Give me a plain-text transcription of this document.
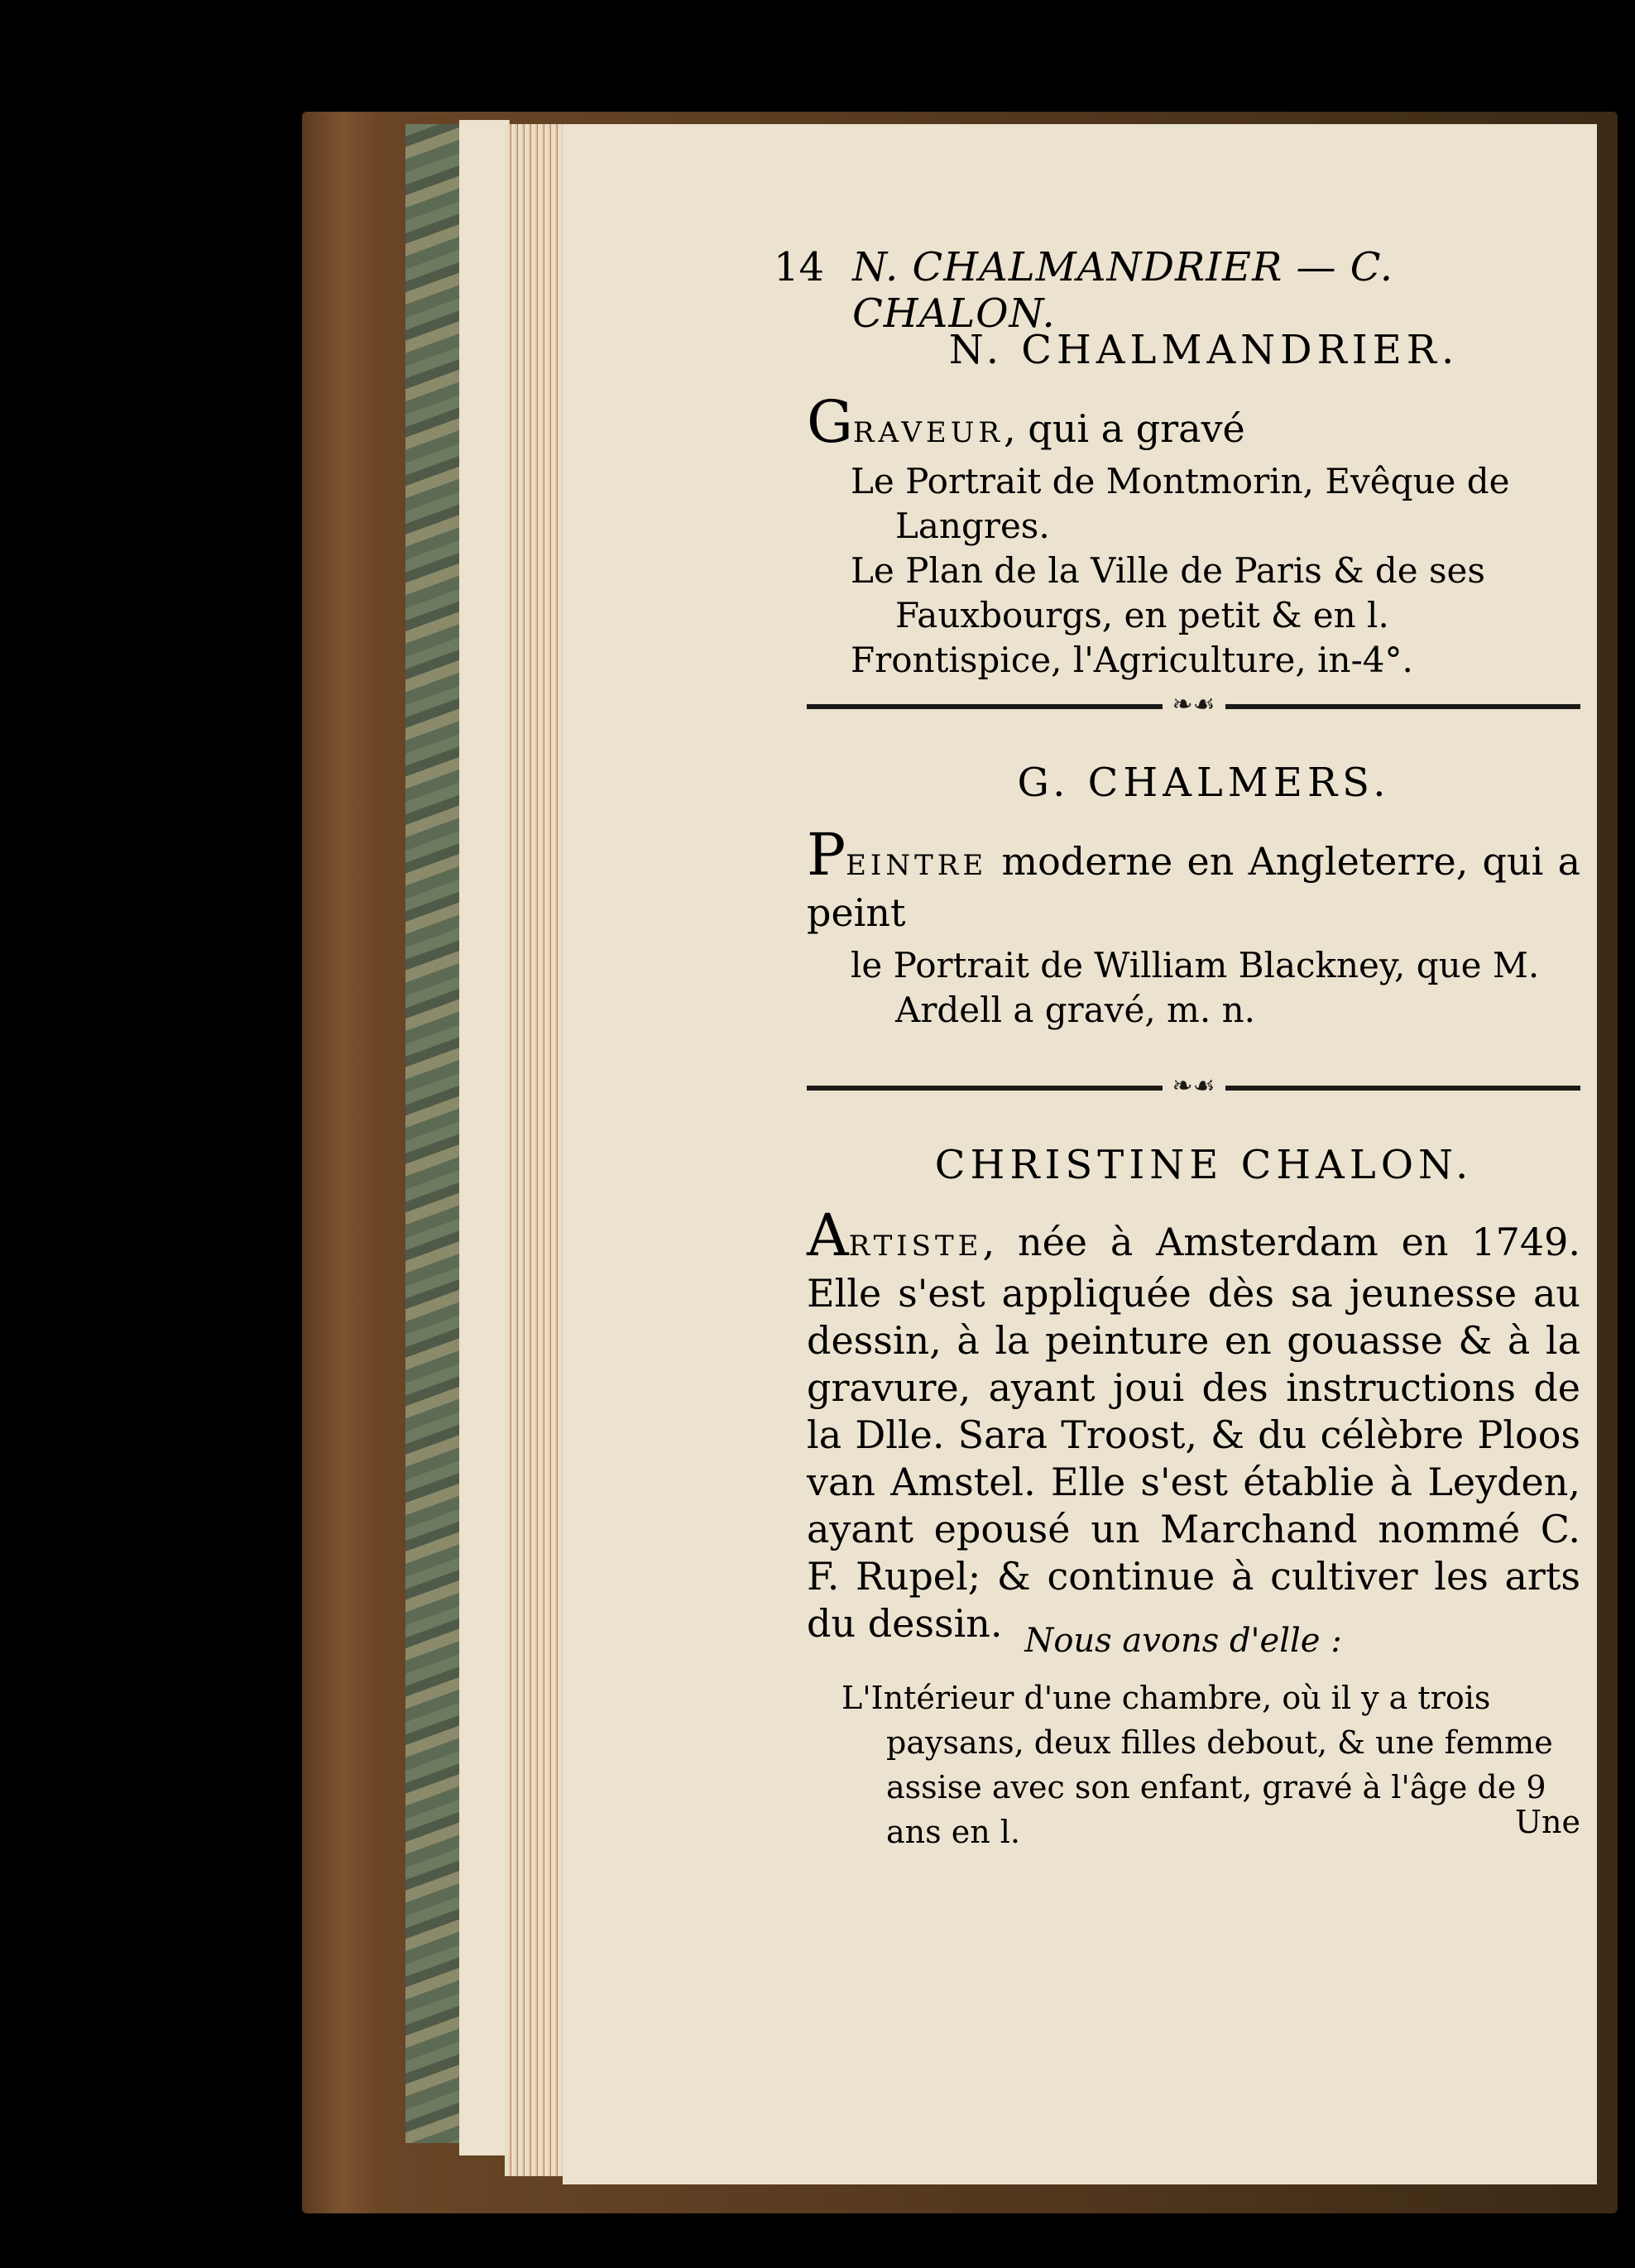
14 N. CHALMANDRIER — C. CHALON.
N. CHALMANDRIER.
GRAVEUR, qui a gravé
Le Portrait de Montmorin, Evêque de Langres.
Le Plan de la Ville de Paris & de ses Fauxbourgs, en petit & en l.
Frontispice, l'Agriculture, in-4°.
❧☙
G. CHALMERS.
PEINTRE moderne en Angleterre, qui a peint
le Portrait de William Blackney, que M. Ardell a gravé, m. n.
❧☙
CHRISTINE CHALON.
ARTISTE, née à Amsterdam en 1749. Elle s'est appliquée dès sa jeunesse au dessin, à la peinture en gouasse & à la gravure, ayant joui des instructions de la Dlle. Sara Troost, & du célèbre Ploos van Amstel. Elle s'est établie à Leyden, ayant epousé un Marchand nommé C. F. Rupel; & continue à cultiver les arts du dessin. Nous avons d'elle :
L'Intérieur d'une chambre, où il y a trois paysans, deux filles debout, & une femme assise avec son enfant, gravé à l'âge de 9 ans en l.	Une
